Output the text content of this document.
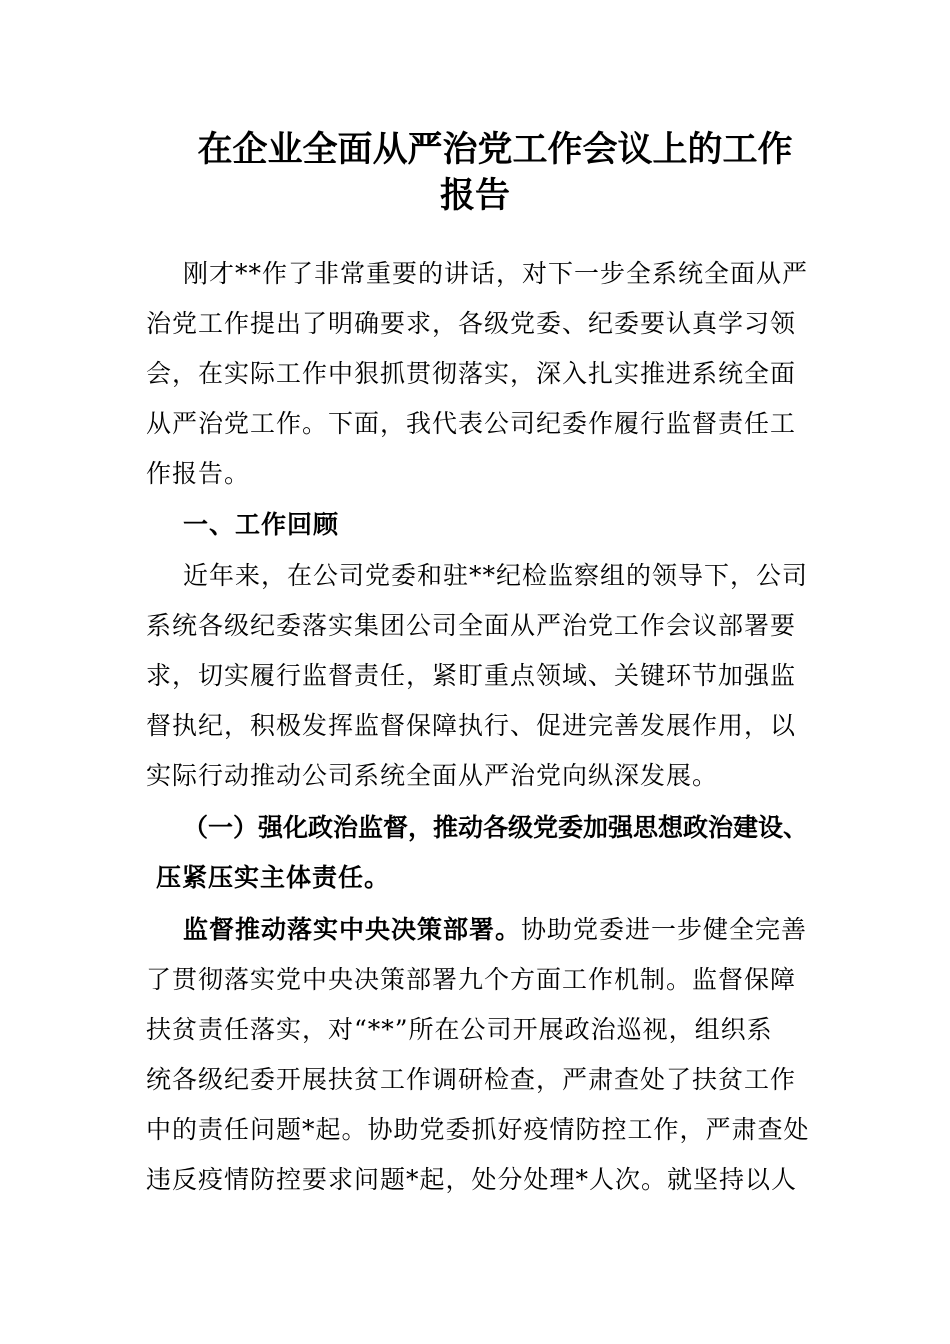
在企业全面从严治党工作会议上的工作
报告

刚才**作了非常重要的讲话，对下一步全系统全面从严

治党工作提出了明确要求，各级党委、纪委要认真学习领

会，在实际工作中狠抓贯彻落实，深入扎实推进系统全面

从严治党工作。下面，我代表公司纪委作履行监督责任工

作报告。

一、工作回顾

近年来，在公司党委和驻**纪检监察组的领导下，公司

系统各级纪委落实集团公司全面从严治党工作会议部署要

求，切实履行监督责任，紧盯重点领域、关键环节加强监

督执纪，积极发挥监督保障执行、促进完善发展作用，以

实际行动推动公司系统全面从严治党向纵深发展。

（一）强化政治监督，推动各级党委加强思想政治建设、

压紧压实主体责任。

监督推动落实中央决策部署。协助党委进一步健全完善

了贯彻落实党中央决策部署九个方面工作机制。监督保障

扶贫责任落实，对“**”所在公司开展政治巡视，组织系

统各级纪委开展扶贫工作调研检查，严肃查处了扶贫工作

中的责任问题*起。协助党委抓好疫情防控工作，严肃查处

违反疫情防控要求问题*起，处分处理*人次。就坚持以人
